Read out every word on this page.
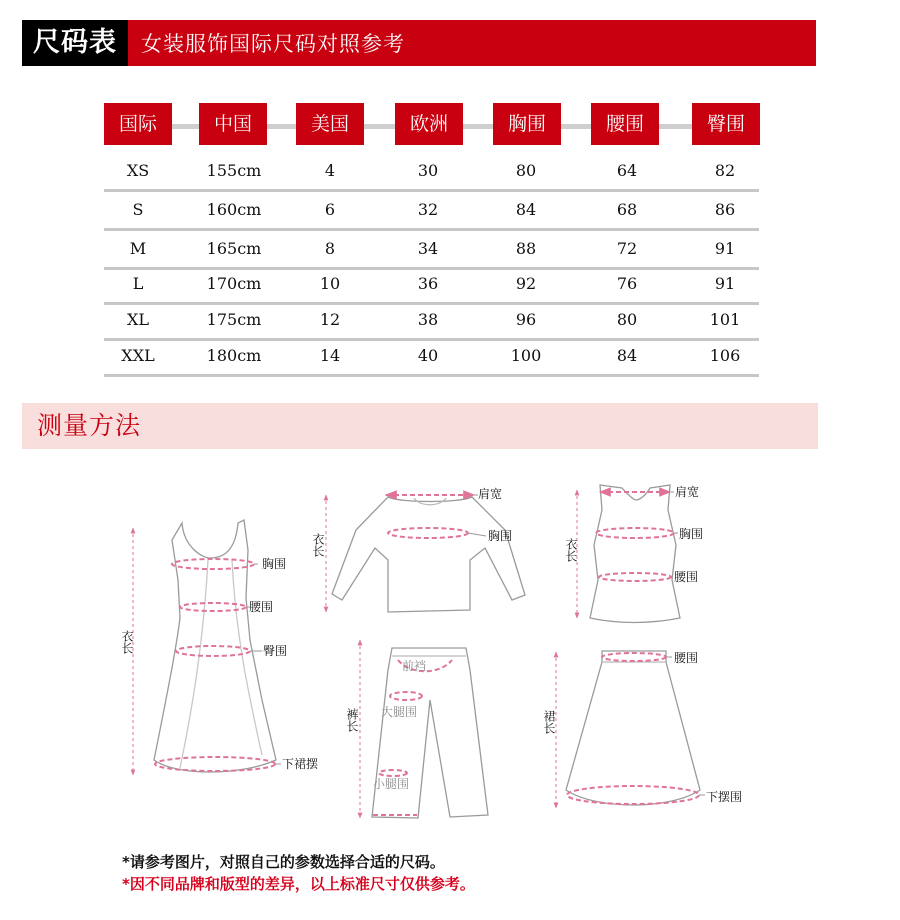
尺码表	女装服饰国际尺码对照参考
国际	中国	美国	欧洲	胸围	腰围	臀围
XS	155cm	4	30	80	64	82
S	160cm	6	32	84	68	86
M	165cm	8	34	88	72	91
L	170cm	10	36	92	76	91
XL	175cm	12	38	96	80	101
XXL	180cm	14	40	100	84	106
测量方法
胸围
腰围
臀围
下裙摆
衣长
肩宽
胸围
衣长
肩宽
胸围
腰围
衣长
前裆
大腿围
小腿围
裤长
腰围
下摆围
裙长
*请参考图片，对照自己的参数选择合适的尺码。
*因不同品牌和版型的差异，以上标准尺寸仅供参考。
